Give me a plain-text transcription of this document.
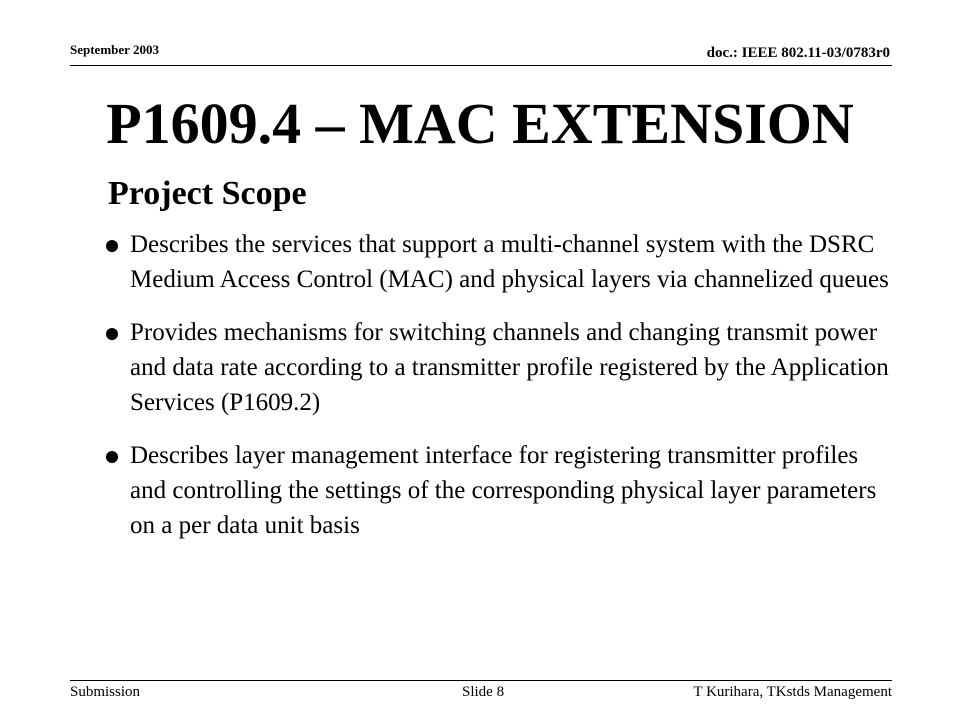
September 2003	doc.: IEEE 802.11-03/0783r0
P1609.4 – MAC EXTENSION
Project Scope
Describes the services that support a multi-channel system with the DSRC Medium Access Control (MAC) and physical layers via channelized queues
Provides mechanisms for switching channels and changing transmit power and data rate according to a transmitter profile registered by the Application Services (P1609.2)
Describes layer management interface for registering transmitter profiles and controlling the settings of the corresponding physical layer parameters on a per data unit basis
Submission	Slide 8	T Kurihara, TKstds Management
